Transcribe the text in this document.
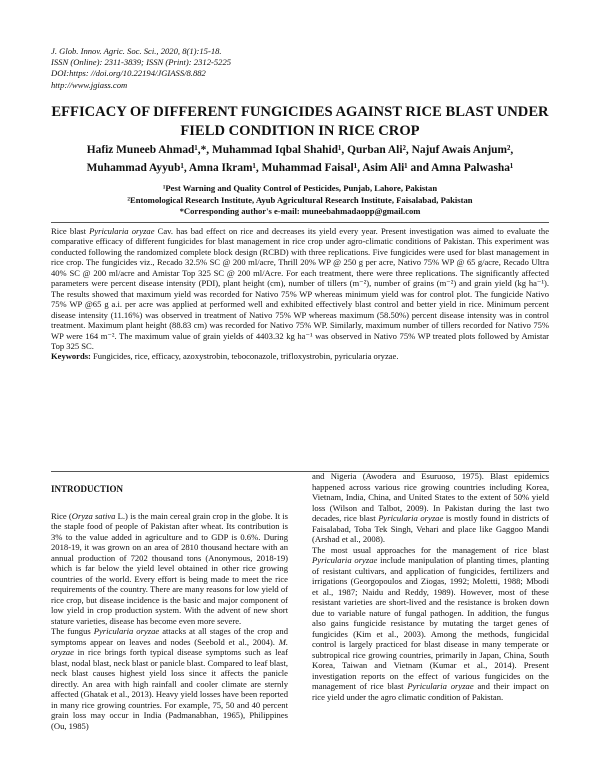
J. Glob. Innov. Agric. Soc. Sci., 2020, 8(1):15-18.
ISSN (Online): 2311-3839; ISSN (Print): 2312-5225
DOI:https: //doi.org/10.22194/JGIASS/8.882
http://www.jgiass.com
EFFICACY OF DIFFERENT FUNGICIDES AGAINST RICE BLAST UNDER FIELD CONDITION IN RICE CROP
Hafiz Muneeb Ahmad¹,*, Muhammad Iqbal Shahid¹, Qurban Ali², Najuf Awais Anjum²,
Muhammad Ayyub¹, Amna Ikram¹, Muhammad Faisal¹, Asim Ali¹ and Amna Palwasha¹
¹Pest Warning and Quality Control of Pesticides, Punjab, Lahore, Pakistan
²Entomological Research Institute, Ayub Agricultural Research Institute, Faisalabad, Pakistan
*Corresponding author's e-mail: muneebahmadaopp@gmail.com
Rice blast Pyricularia oryzae Cav. has bad effect on rice and decreases its yield every year. Present investigation was aimed to evaluate the comparative efficacy of different fungicides for blast management in rice crop under agro-climatic conditions of Pakistan. This experiment was conducted following the randomized complete block design (RCBD) with three replications. Five fungicides were used for blast management in rice crop. The fungicides viz., Recado 32.5% SC @ 200 ml/acre, Thrill 20% WP @ 250 g per acre, Nativo 75% WP @ 65 g/acre, Recado Ultra 40% SC @ 200 ml/acre and Amistar Top 325 SC @ 200 ml/Acre. For each treatment, there were three replications. The significantly affected parameters were percent disease intensity (PDI), plant height (cm), number of tillers (m⁻²), number of grains (m⁻²) and grain yield (kg ha⁻¹). The results showed that maximum yield was recorded for Nativo 75% WP whereas minimum yield was for control plot. The fungicide Nativo 75% WP @65 g a.i. per acre was applied at performed well and exhibited effectively blast control and better yield in rice. Minimum percent disease intensity (11.16%) was observed in treatment of Nativo 75% WP whereas maximum (58.50%) percent disease intensity was in control treatment. Maximum plant height (88.83 cm) was recorded for Nativo 75% WP. Similarly, maximum number of tillers recorded for Nativo 75% WP were 164 m⁻². The maximum value of grain yields of 4403.32 kg ha⁻¹ was observed in Nativo 75% WP treated plots followed by Amistar Top 325 SC.
Keywords: Fungicides, rice, efficacy, azoxystrobin, teboconazole, trifloxystrobin, pyricularia oryzae.

INTRODUCTION

Rice (Oryza sativa L.) is the main cereal grain crop in the globe. It is the staple food of people of Pakistan after wheat. Its contribution is 3% to the value added in agriculture and to GDP is 0.6%. During 2018-19, it was grown on an area of 2810 thousand hectare with an annual production of 7202 thousand tons (Anonymous, 2018-19) which is far below the yield level obtained in other rice growing countries of the world. Every effort is being made to meet the rice requirements of the country. There are many reasons for low yield of rice crop, but disease incidence is the basic and major component of low yield in crop production system. With the advent of new short stature varieties, disease has become even more severe.

The fungus Pyricularia oryzae attacks at all stages of the crop and symptoms appear on leaves and nodes (Seebold et al., 2004). M. oryzae in rice brings forth typical disease symptoms such as leaf blast, nodal blast, neck blast or panicle blast. Compared to leaf blast, neck blast causes highest yield loss since it affects the panicle directly. An area with high rainfall and cooler climate are sternly affected (Ghatak et al., 2013). Heavy yield losses have been reported in many rice growing countries. For example, 75, 50 and 40 percent grain loss may occur in India (Padmanabhan, 1965), Philippines (Ou, 1985)

and Nigeria (Awodera and Esuruoso, 1975). Blast epidemics happened across various rice growing countries including Korea, Vietnam, India, China, and United States to the extent of 50% yield loss (Wilson and Talbot, 2009). In Pakistan during the last two decades, rice blast Pyricularia oryzae is mostly found in districts of Faisalabad, Toba Tek Singh, Vehari and place like Gaggoo Mandi (Arshad et al., 2008).

The most usual approaches for the management of rice blast Pyricularia oryzae include manipulation of planting times, planting of resistant cultivars, and application of fungicides, fertilizers and irrigations (Georgopoulos and Ziogas, 1992; Moletti, 1988; Mbodi et al., 1987; Naidu and Reddy, 1989). However, most of these resistant varieties are short-lived and the resistance is broken down due to variable nature of fungal pathogen. In addition, the fungus also gains fungicide resistance by mutating the target genes of fungicides (Kim et al., 2003). Among the methods, fungicidal control is largely practiced for blast disease in many temperate or subtropical rice growing countries, primarily in Japan, China, South Korea, Taiwan and Vietnam (Kumar et al., 2014). Present investigation reports on the effect of various fungicides on the management of rice blast Pyricularia oryzae and their impact on rice yield under the agro climatic condition of Pakistan.
